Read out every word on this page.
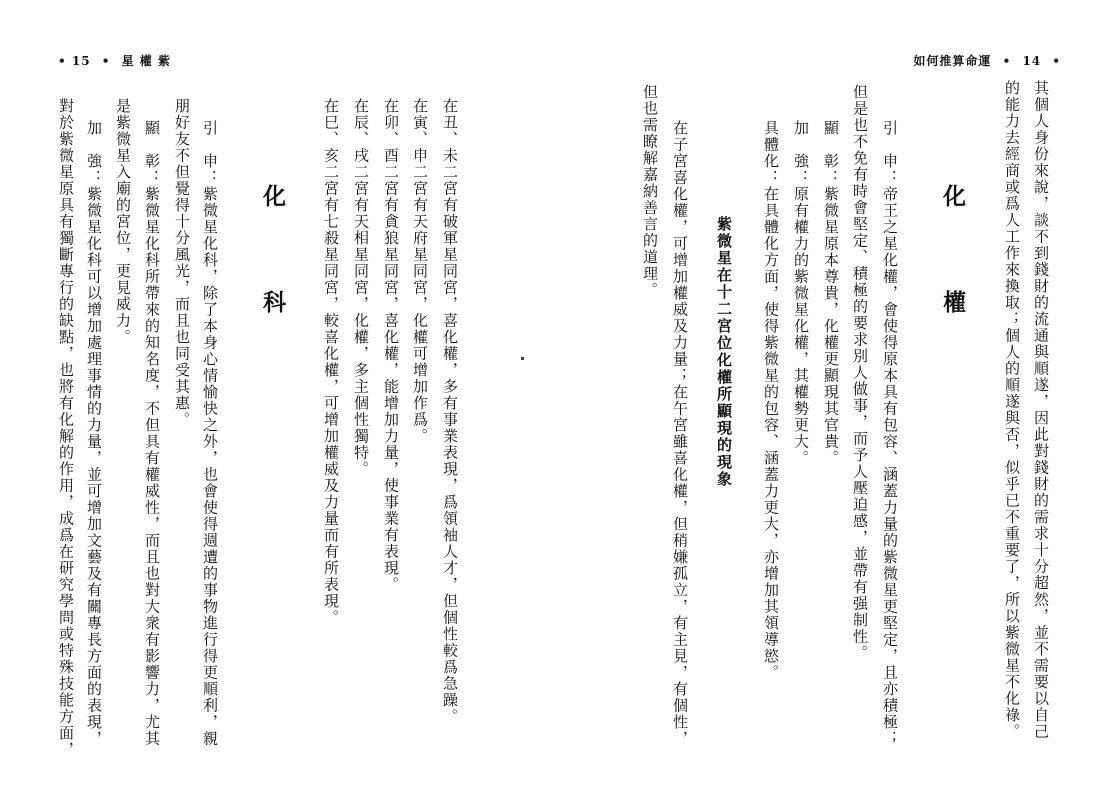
• 15 • 星 權 紫
在丑、未二宮有破軍星同宮，喜化權，多有事業表現，爲領袖人才，但個性較爲急躁。
在寅、申二宮有天府星同宮，化權可增加作爲。
在卯、酉二宮有貪狼星同宮，喜化權，能增加力量，使事業有表現。
在辰、戌二宮有天相星同宮，化權，多主個性獨特。
在巳、亥二宮有七殺星同宮，較喜化權，可增加權威及力量而有所表現。
化　科
引　申：紫微星化科，除了本身心情愉快之外，也會使得週遭的事物進行得更順利，親
朋好友不但覺得十分風光，而且也同受其惠。
顯　彰：紫微星化科所帶來的知名度，不但具有權威性，而且也對大衆有影響力，尤其
是紫微星入廟的宮位，更見威力。
加　強：紫微星化科可以增加處理事情的力量，並可增加文藝及有關專長方面的表現，
對於紫微星原具有獨斷專行的缺點，也將有化解的作用，成爲在研究學問或特殊技能方面，
如何推算命運 • 14 •
其個人身份來說，談不到錢財的流通與順遂，因此對錢財的需求十分超然，並不需要以自己
的能力去經商或爲人工作來換取；個人的順遂與否，似乎已不重要了，所以紫微星不化祿。
化　權
引　申：帝王之星化權，會使得原本具有包容、涵蓋力量的紫微星更堅定，且亦積極；
但是也不免有時會堅定、積極的要求別人做事，而予人壓迫感，並帶有强制性。
顯　彰：紫微星原本尊貴，化權更顯現其官貴。
加　強：原有權力的紫微星化權，其權勢更大。
具體化：在具體化方面，使得紫微星的包容、涵蓋力更大，亦增加其領導慾。
紫微星在十二宮位化權所顯現的現象
在子宮喜化權，可增加權威及力量；在午宮雖喜化權，但稍嫌孤立，有主見，有個性，
但也需瞭解嘉納善言的道理。
